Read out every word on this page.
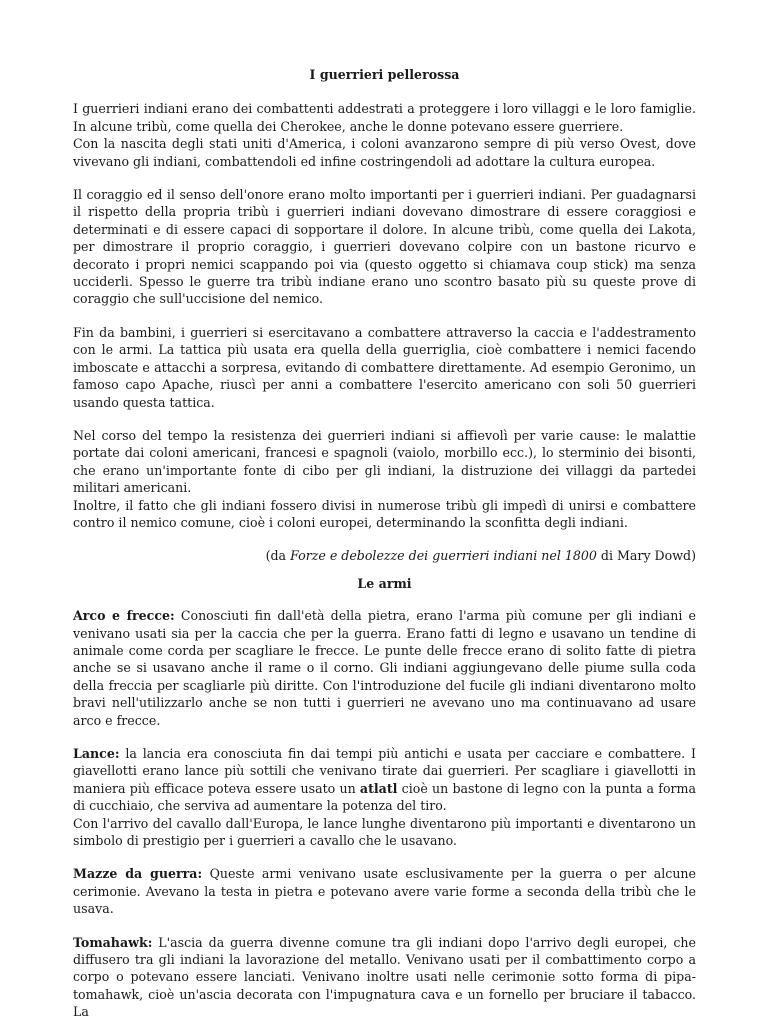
I guerrieri pellerossa

I guerrieri indiani erano dei combattenti addestrati a proteggere i loro villaggi e le loro famiglie. In alcune tribù, come quella dei Cherokee, anche le donne potevano essere guerriere.

Con la nascita degli stati uniti d'America, i coloni avanzarono sempre di più verso Ovest, dove vivevano gli indiani, combattendoli ed infine costringendoli ad adottare la cultura europea.

Il coraggio ed il senso dell'onore erano molto importanti per i guerrieri indiani. Per guadagnarsi il rispetto della propria tribù i guerrieri indiani dovevano dimostrare di essere coraggiosi e determinati e di essere capaci di sopportare il dolore. In alcune tribù, come quella dei Lakota, per dimostrare il proprio coraggio, i guerrieri dovevano colpire con un bastone ricurvo e decorato i propri nemici scappando poi via (questo oggetto si chiamava coup stick) ma senza ucciderli. Spesso le guerre tra tribù indiane erano uno scontro basato più su queste prove di coraggio che sull'uccisione del nemico.

Fin da bambini, i guerrieri si esercitavano a combattere attraverso la caccia e l'addestramento con le armi. La tattica più usata era quella della guerriglia, cioè combattere i nemici facendo imboscate e attacchi a sorpresa, evitando di combattere direttamente. Ad esempio Geronimo, un famoso capo Apache, riuscì per anni a combattere l'esercito americano con soli 50 guerrieri usando questa tattica.

Nel corso del tempo la resistenza dei guerrieri indiani si affievolì per varie cause: le malattie portate dai coloni americani, francesi e spagnoli (vaiolo, morbillo ecc.), lo sterminio dei bisonti, che erano un'importante fonte di cibo per gli indiani, la distruzione dei villaggi da partedei militari americani.

Inoltre, il fatto che gli indiani fossero divisi in numerose tribù gli impedì di unirsi e combattere contro il nemico comune, cioè i coloni europei, determinando la sconfitta degli indiani.

(da Forze e debolezze dei guerrieri indiani nel 1800 di Mary Dowd)

Le armi

Arco e frecce: Conosciuti fin dall'età della pietra, erano l'arma più comune per gli indiani e venivano usati sia per la caccia che per la guerra. Erano fatti di legno e usavano un tendine di animale come corda per scagliare le frecce. Le punte delle frecce erano di solito fatte di pietra anche se si usavano anche il rame o il corno. Gli indiani aggiungevano delle piume sulla coda della freccia per scagliarle più diritte. Con l'introduzione del fucile gli indiani diventarono molto bravi nell'utilizzarlo anche se non tutti i guerrieri ne avevano uno ma continuavano ad usare arco e frecce.

Lance: la lancia era conosciuta fin dai tempi più antichi e usata per cacciare e combattere. I giavellotti erano lance più sottili che venivano tirate dai guerrieri. Per scagliare i giavellotti in maniera più efficace poteva essere usato un atlatl cioè un bastone di legno con la punta a forma di cucchiaio, che serviva ad aumentare la potenza del tiro.

Con l'arrivo del cavallo dall'Europa, le lance lunghe diventarono più importanti e diventarono un simbolo di prestigio per i guerrieri a cavallo che le usavano.

Mazze da guerra: Queste armi venivano usate esclusivamente per la guerra o per alcune cerimonie. Avevano la testa in pietra e potevano avere varie forme a seconda della tribù che le usava.

Tomahawk: L'ascia da guerra divenne comune tra gli indiani dopo l'arrivo degli europei, che diffusero tra gli indiani la lavorazione del metallo. Venivano usati per il combattimento corpo a corpo o potevano essere lanciati. Venivano inoltre usati nelle cerimonie sotto forma di pipa-tomahawk, cioè un'ascia decorata con l'impugnatura cava e un fornello per bruciare il tabacco. La
